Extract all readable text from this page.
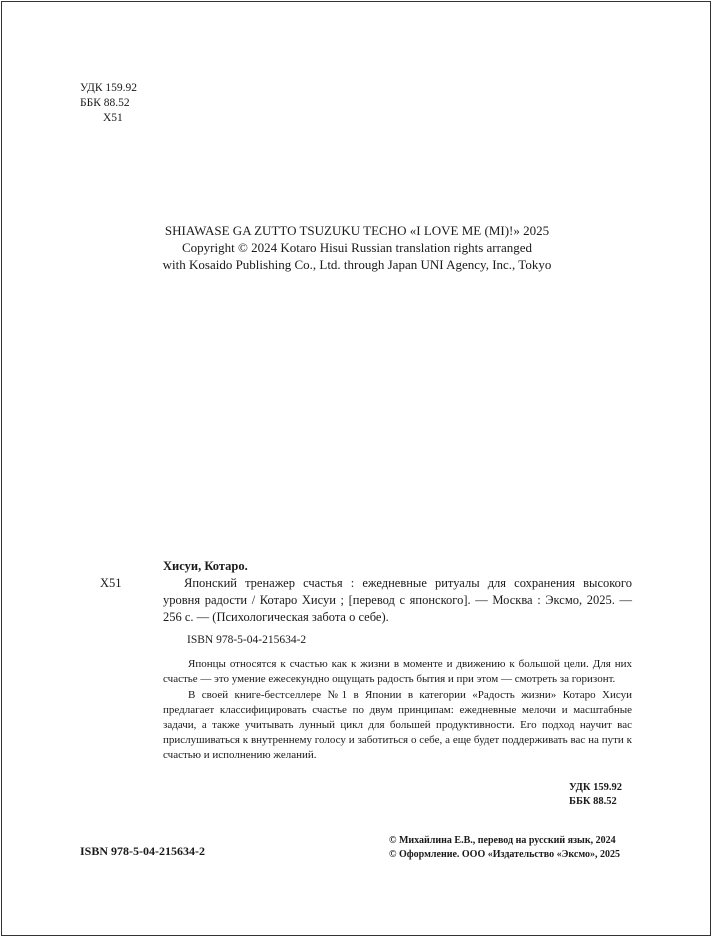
УДК 159.92
ББК 88.52
Х51
SHIAWASE GA ZUTTO TSUZUKU TECHO «I LOVE ME (MI)!» 2025
Copyright © 2024 Kotaro Hisui Russian translation rights arranged
with Kosaido Publishing Co., Ltd. through Japan UNI Agency, Inc., Tokyo
Хисуи, Котаро.
Х51	Японский тренажер счастья : ежедневные ритуалы для сохранения высокого уровня радости / Котаро Хисуи ; [перевод с японского]. — Москва : Эксмо, 2025. — 256 с. — (Психологическая забота о себе).
ISBN 978-5-04-215634-2

Японцы относятся к счастью как к жизни в моменте и движению к большой цели. Для них счастье — это умение ежесекундно ощущать радость бытия и при этом — смотреть за горизонт.

В своей книге-бестселлере №1 в Японии в категории «Радость жизни» Котаро Хисуи предлагает классифицировать счастье по двум принципам: ежедневные мелочи и масштабные задачи, а также учитывать лунный цикл для большей продуктивности. Его подход научит вас прислушиваться к внутреннему голосу и заботиться о себе, а еще будет поддерживать вас на пути к счастью и исполнению желаний.

УДК 159.92
ББК 88.52
ISBN 978-5-04-215634-2
© Михайлина Е.В., перевод на русский язык, 2024
© Оформление. ООО «Издательство «Эксмо», 2025
